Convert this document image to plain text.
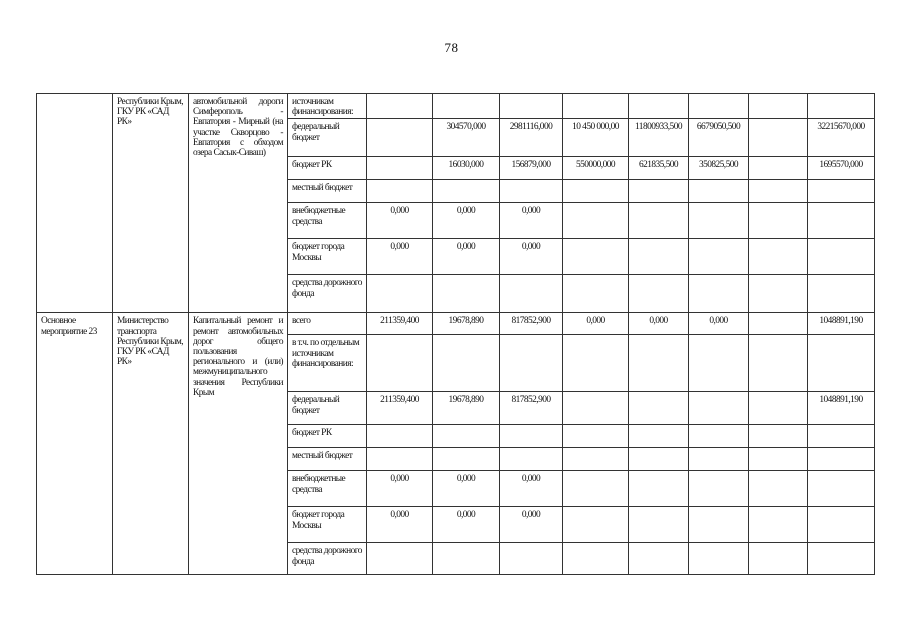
78
	Республики Крым, ГКУ РК «САД РК»	автомобильной дороги Симферополь - Евпатория - Мирный (на участке Скворцово - Евпатория с обходом озера Сасык-Сиваш)	источникам финансирования:								
			федеральный бюджет		304570,000	2981116,000	10 450 000,00	11800933,500	6679050,500		32215670,000
			бюджет РК		16030,000	156879,000	550000,000	621835,500	350825,500		1695570,000
			местный бюджет								
			внебюджетные средства	0,000	0,000	0,000					
			бюджет города Москвы	0,000	0,000	0,000					
			средства дорожного фонда								
Основное мероприятие 23	Министерство транспорта Республики Крым, ГКУ РК «САД РК»	Капитальный ремонт и ремонт автомобильных дорог общего пользования регионального и (или) межмуниципального значения Республики Крым	всего	211359,400	19678,890	817852,900	0,000	0,000	0,000		1048891,190
			в т.ч. по отдельным источникам финансирования:								
			федеральный бюджет	211359,400	19678,890	817852,900					1048891,190
			бюджет РК								
			местный бюджет								
			внебюджетные средства	0,000	0,000	0,000					
			бюджет города Москвы	0,000	0,000	0,000					
			средства дорожного фонда								
